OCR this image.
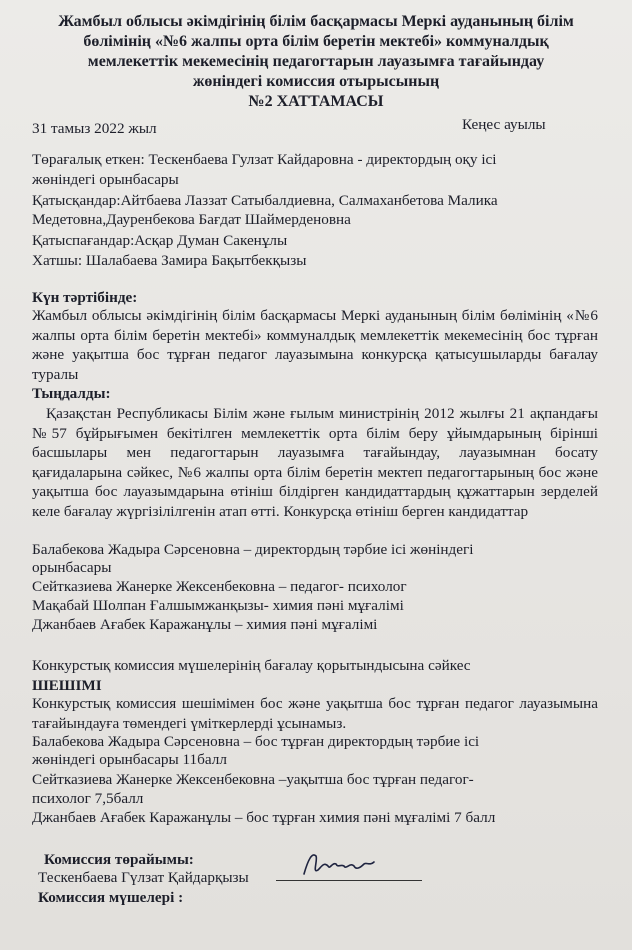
Жамбыл облысы әкімдігінің білім басқармасы Меркі ауданының білім
бөлімінің «№6 жалпы орта білім беретін мектебі» коммуналдық
мемлекеттік мекемесінің педагогтарын лауазымға тағайындау
жөніндегі комиссия отырысының
№2 ХАТТАМАСЫ
31 тамыз 2022 жыл	Кеңес ауылы
Төрағалық еткен: Тескенбаева Гулзат Кайдаровна - директордың оқу ісі
жөніндегі орынбасары
Қатысқандар:Айтбаева Лаззат Сатыбалдиевна, Салмаханбетова Малика
Медетовна,Дауренбекова Бағдат Шаймерденовна
Қатыспағандар:Асқар Думан Сакенұлы
Хатшы: Шалабаева Замира Бақытбекқызы
Күн тәртібінде:
Жамбыл облысы әкімдігінің білім басқармасы Меркі ауданының білім бөлімінің «№6 жалпы орта білім беретін мектебі» коммуналдық мемлекеттік мекемесінің бос тұрған және уақытша бос тұрған педагог лауазымына конкурсқа қатысушыларды бағалау туралы
Тыңдалды:
Қазақстан Республикасы Білім және ғылым министрінің 2012 жылғы 21 ақпандағы №57 бұйрығымен бекітілген мемлекеттік орта білім беру ұйымдарының бірінші басшылары мен педагогтарын лауазымға тағайындау, лауазымнан босату қағидаларына сәйкес, №6 жалпы орта білім беретін мектеп педагогтарының бос және уақытша бос лауазымдарына өтініш білдірген кандидаттардың құжаттарын зерделей келе бағалау жүргізілілгенін атап өтті. Конкурсқа өтініш берген кандидаттар
Балабекова Жадыра Сәрсеновна – директордың тәрбие ісі жөніндегі
орынбасары
Сейтказиева Жанерке Жексенбековна – педагог- психолог
Мақабай Шолпан Ғалшымжанқызы- химия пәні мұғалімі
Джанбаев Ағабек Каражанұлы – химия пәні мұғалімі
Конкурстық комиссия мүшелерінің бағалау қорытындысына сәйкес
ШЕШІМІ
Конкурстық комиссия шешімімен бос және уақытша бос тұрған педагог лауазымына тағайындауға төмендегі үміткерлерді ұсынамыз.
Балабекова Жадыра Сәрсеновна – бос тұрған директордың тәрбие ісі
жөніндегі орынбасары 11балл
Сейтказиева Жанерке Жексенбековна –уақытша бос тұрған педагог-
психолог 7,5балл
Джанбаев Ағабек Каражанұлы – бос тұрған химия пәні мұғалімі 7 балл
Комиссия төрайымы:
Тескенбаева Гүлзат Қайдарқызы
Комиссия мүшелері :
